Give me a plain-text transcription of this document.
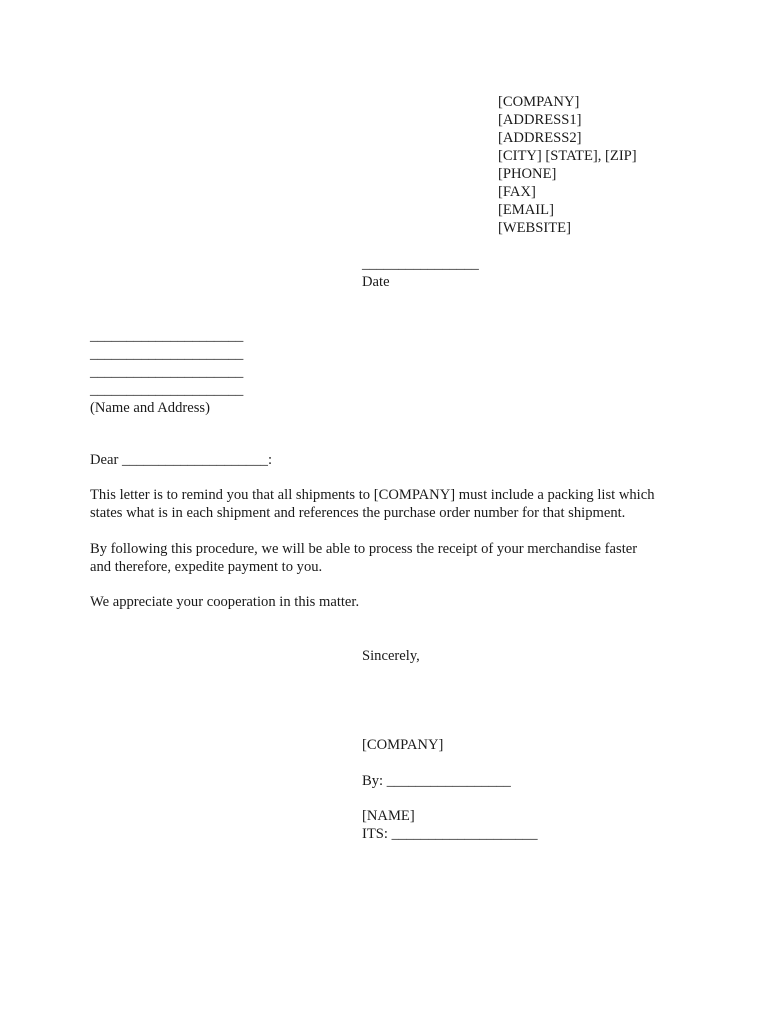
[COMPANY]
[ADDRESS1]
[ADDRESS2]
[CITY] [STATE], [ZIP]
[PHONE]
[FAX]
[EMAIL]
[WEBSITE]
________________
Date
_____________________
_____________________
_____________________
_____________________
(Name and Address)
Dear ____________________:
This letter is to remind you that all shipments to [COMPANY] must include a packing list which
states what is in each shipment and references the purchase order number for that shipment.
By following this procedure, we will be able to process the receipt of your merchandise faster
and therefore, expedite payment to you.
We appreciate your cooperation in this matter.
Sincerely,
[COMPANY]
By: _________________
[NAME]
ITS: ____________________
